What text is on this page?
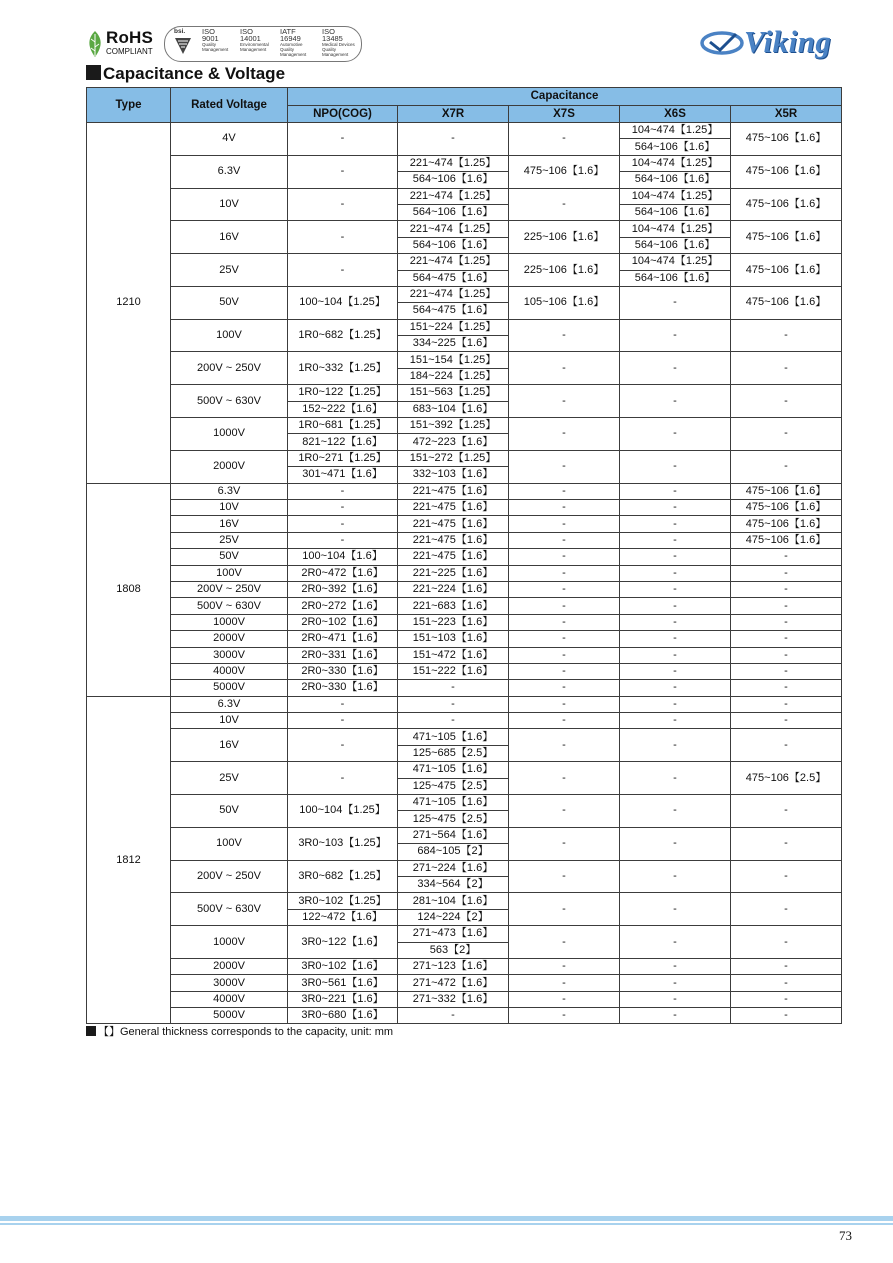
RoHS
COMPLIANT
bsi. ISO
9001
Quality Management
ISO
14001
Environmental Management
IATF
16949
Automotive Quality Management
ISO
13485
Medical Devices Quality Management	Viking
Capacitance & Voltage
Type	Rated Voltage	Capacitance				
		NPO(COG)	X7R	X7S	X6S	X5R
1210	4V	-	-	-	104~474【1.25】	475~106【1.6】
					564~106【1.6】	
	6.3V	-	221~474【1.25】	475~106【1.6】	104~474【1.25】	475~106【1.6】
			564~106【1.6】		564~106【1.6】	
	10V	-	221~474【1.25】	-	104~474【1.25】	475~106【1.6】
			564~106【1.6】		564~106【1.6】	
	16V	-	221~474【1.25】	225~106【1.6】	104~474【1.25】	475~106【1.6】
			564~106【1.6】		564~106【1.6】	
	25V	-	221~474【1.25】	225~106【1.6】	104~474【1.25】	475~106【1.6】
			564~475【1.6】		564~106【1.6】	
	50V	100~104【1.25】	221~474【1.25】	105~106【1.6】	-	475~106【1.6】
			564~475【1.6】			
	100V	1R0~682【1.25】	151~224【1.25】	-	-	-
			334~225【1.6】			
	200V ~ 250V	1R0~332【1.25】	151~154【1.25】	-	-	-
			184~224【1.25】			
	500V ~ 630V	1R0~122【1.25】	151~563【1.25】	-	-	-
		152~222【1.6】	683~104【1.6】			
	1000V	1R0~681【1.25】	151~392【1.25】	-	-	-
		821~122【1.6】	472~223【1.6】			
	2000V	1R0~271【1.25】	151~272【1.25】	-	-	-
		301~471【1.6】	332~103【1.6】			
1808	6.3V	-	221~475【1.6】	-	-	475~106【1.6】
	10V	-	221~475【1.6】	-	-	475~106【1.6】
	16V	-	221~475【1.6】	-	-	475~106【1.6】
	25V	-	221~475【1.6】	-	-	475~106【1.6】
	50V	100~104【1.6】	221~475【1.6】	-	-	-
	100V	2R0~472【1.6】	221~225【1.6】	-	-	-
	200V ~ 250V	2R0~392【1.6】	221~224【1.6】	-	-	-
	500V ~ 630V	2R0~272【1.6】	221~683【1.6】	-	-	-
	1000V	2R0~102【1.6】	151~223【1.6】	-	-	-
	2000V	2R0~471【1.6】	151~103【1.6】	-	-	-
	3000V	2R0~331【1.6】	151~472【1.6】	-	-	-
	4000V	2R0~330【1.6】	151~222【1.6】	-	-	-
	5000V	2R0~330【1.6】	-	-	-	-
1812	6.3V	-	-	-	-	-
	10V	-	-	-	-	-
	16V	-	471~105【1.6】	-	-	-
			125~685【2.5】			
	25V	-	471~105【1.6】	-	-	475~106【2.5】
			125~475【2.5】			
	50V	100~104【1.25】	471~105【1.6】	-	-	-
			125~475【2.5】			
	100V	3R0~103【1.25】	271~564【1.6】	-	-	-
			684~105【2】			
	200V ~ 250V	3R0~682【1.25】	271~224【1.6】	-	-	-
			334~564【2】			
	500V ~ 630V	3R0~102【1.25】	281~104【1.6】	-	-	-
		122~472【1.6】	124~224【2】			
	1000V	3R0~122【1.6】	271~473【1.6】	-	-	-
			563【2】			
	2000V	3R0~102【1.6】	271~123【1.6】	-	-	-
	3000V	3R0~561【1.6】	271~472【1.6】	-	-	-
	4000V	3R0~221【1.6】	271~332【1.6】	-	-	-
	5000V	3R0~680【1.6】	-	-	-	-
【】General thickness corresponds to the capacity, unit: mm
73
